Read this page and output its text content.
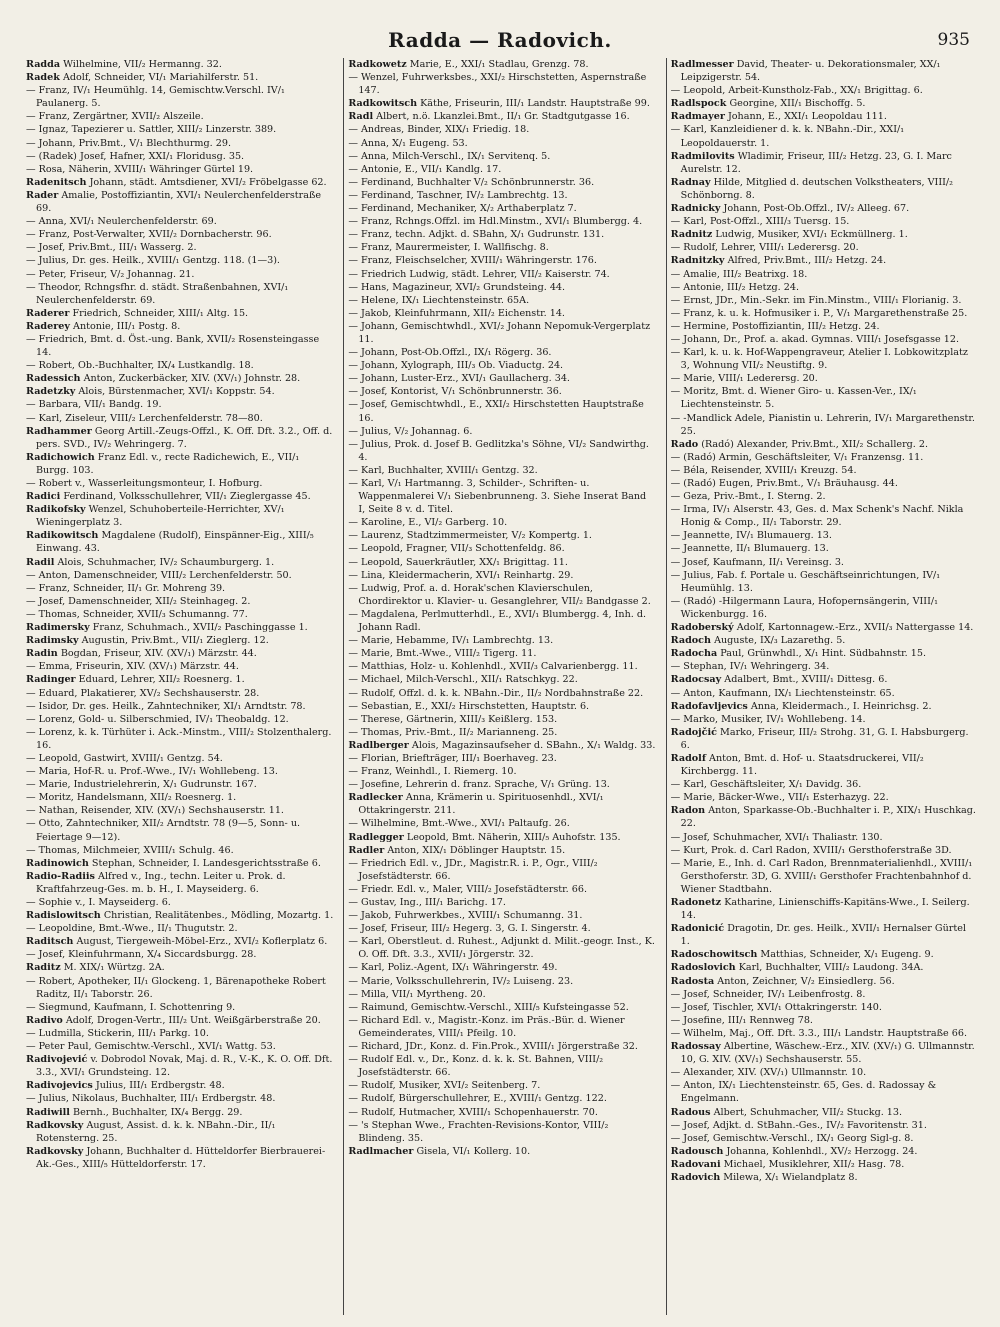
Radda — Radovich.	935

Radda Wilhelmine, VII/₂ Hermanng. 32.

Radek Adolf, Schneider, VI/₁ Mariahilferstr. 51.

— Franz, IV/₁ Heumühlg. 14, Gemischtw.Verschl. IV/₁ Paulanerg. 5.

— Franz, Zergärtner, XVII/₂ Alszeile.

— Ignaz, Tapezierer u. Sattler, XIII/₂ Linzerstr. 389.

— Johann, Priv.Bmt., V/₁ Blechthurmg. 29.

— (Radek) Josef, Hafner, XXI/₁ Floridusg. 35.

— Rosa, Näherin, XVIII/₁ Währinger Gürtel 19.

Radenitsch Johann, städt. Amtsdiener, XVI/₂ Fröbelgasse 62.

Rader Amalie, Postoffiziantin, XVI/₁ Neulerchenfelderstraße 69.

— Anna, XVI/₁ Neulerchenfelderstr. 69.

— Franz, Post-Verwalter, XVII/₂ Dornbacherstr. 96.

— Josef, Priv.Bmt., III/₁ Wasserg. 2.

— Julius, Dr. ges. Heilk., XVIII/₁ Gentzg. 118. (1—3).

— Peter, Friseur, V/₂ Johannag. 21.

— Theodor, Rchngsfhr. d. städt. Straßenbahnen, XVI/₁ Neulerchenfelderstr. 69.

Raderer Friedrich, Schneider, XIII/₁ Altg. 15.

Raderey Antonie, III/₁ Postg. 8.

— Friedrich, Bmt. d. Öst.-ung. Bank, XVII/₂ Rosensteingasse 14.

— Robert, Ob.-Buchhalter, IX/₄ Lustkandlg. 18.

Radessich Anton, Zuckerbäcker, XIV. (XV/₁) Johnstr. 28.

Radetzky Alois, Bürstenmacher, XVI/₁ Koppstr. 54.

— Barbara, VII/₁ Bandg. 19.

— Karl, Ziseleur, VIII/₂ Lerchenfelderstr. 78—80.

Radhammer Georg Artill.-Zeugs-Offzl., K. Off. Dft. 3.2., Off. d. pers. SVD., IV/₂ Wehringerg. 7.

Radichowich Franz Edl. v., recte Radichewich, E., VII/₁ Burgg. 103.

— Robert v., Wasserleitungsmonteur, I. Hofburg.

Radici Ferdinand, Volksschullehrer, VII/₁ Zieglergasse 45.

Radikofsky Wenzel, Schuhoberteile-Herrichter, XV/₁ Wieningerplatz 3.

Radikowitsch Magdalene (Rudolf), Einspänner-Eig., XIII/₅ Einwang. 43.

Radil Alois, Schuhmacher, IV/₂ Schaumburgerg. 1.

— Anton, Damenschneider, VIII/₂ Lerchenfelderstr. 50.

— Franz, Schneider, II/₁ Gr. Mohreng 39.

— Josef, Damenschneider, XII/₂ Steinhageg. 2.

— Thomas, Schneider, XVII/₃ Schumanng. 77.

Radimersky Franz, Schuhmach., XVII/₂ Paschinggasse 1.

Radimsky Augustin, Priv.Bmt., VII/₁ Zieglerg. 12.

Radin Bogdan, Friseur, XIV. (XV/₁) Märzstr. 44.

— Emma, Friseurin, XIV. (XV/₁) Märzstr. 44.

Radinger Eduard, Lehrer, XII/₂ Roesnerg. 1.

— Eduard, Plakatierer, XV/₂ Sechshauserstr. 28.

— Isidor, Dr. ges. Heilk., Zahntechniker, XI/₁ Arndtstr. 78.

— Lorenz, Gold- u. Silberschmied, IV/₁ Theobaldg. 12.

— Lorenz, k. k. Türhüter i. Ack.-Minstm., VIII/₂ Stolzenthalerg. 16.

— Leopold, Gastwirt, XVIII/₁ Gentzg. 54.

— Maria, Hof-R. u. Prof.-Wwe., IV/₁ Wohllebeng. 13.

— Marie, Industrielehrerin, X/₁ Gudrunstr. 167.

— Moritz, Handelsmann, XII/₂ Roesnerg. 1.

— Nathan, Reisender, XIV. (XV/₁) Sechshauserstr. 11.

— Otto, Zahntechniker, XII/₂ Arndtstr. 78 (9—5, Sonn- u. Feiertage 9—12).

— Thomas, Milchmeier, XVIII/₁ Schulg. 46.

Radinowich Stephan, Schneider, I. Landesgerichtsstraße 6.

Radio-Radiis Alfred v., Ing., techn. Leiter u. Prok. d. Kraftfahrzeug-Ges. m. b. H., I. Mayseiderg. 6.

— Sophie v., I. Mayseiderg. 6.

Radislowitsch Christian, Realitätenbes., Mödling, Mozartg. 1.

— Leopoldine, Bmt.-Wwe., II/₁ Thugutstr. 2.

Raditsch August, Tiergeweih-Möbel-Erz., XVI/₂ Koflerplatz 6.

— Josef, Kleinfuhrmann, X/₄ Siccardsburgg. 28.

Raditz M. XIX/₁ Würtzg. 2A.

— Robert, Apotheker, II/₁ Glockeng. 1, Bärenapotheke Robert Raditz, II/₁ Taborstr. 26.

— Siegmund, Kaufmann, I. Schottenring 9.

Radivo Adolf, Drogen-Vertr., III/₂ Unt. Weißgärberstraße 20.

— Ludmilla, Stickerin, III/₁ Parkg. 10.

— Peter Paul, Gemischtw.-Verschl., XVI/₁ Wattg. 53.

Radivojević v. Dobrodol Novak, Maj. d. R., V.-K., K. O. Off. Dft. 3.3., XVI/₁ Grundsteing. 12.

Radivojevics Julius, III/₁ Erdbergstr. 48.

— Julius, Nikolaus, Buchhalter, III/₁ Erdbergstr. 48.

Radiwill Bernh., Buchhalter, IX/₄ Bergg. 29.

Radkovsky August, Assist. d. k. k. NBahn.-Dir., II/₁ Rotensterng. 25.

Radkovsky Johann, Buchhalter d. Hütteldorfer Bierbrauerei-Ak.-Ges., XIII/₅ Hütteldorferstr. 17.

Radkowetz Marie, E., XXI/₁ Stadlau, Grenzg. 78.

— Wenzel, Fuhrwerksbes., XXI/₂ Hirschstetten, Aspernstraße 147.

Radkowitsch Käthe, Friseurin, III/₁ Landstr. Hauptstraße 99.

Radl Albert, n.ö. Lkanzlei.Bmt., II/₁ Gr. Stadtgutgasse 16.

— Andreas, Binder, XIX/₁ Friedig. 18.

— Anna, X/₁ Eugeng. 53.

— Anna, Milch-Verschl., IX/₁ Servitenq. 5.

— Antonie, E., VII/₁ Kandlg. 17.

— Ferdinand, Buchhalter V/₂ Schönbrunnerstr. 36.

— Ferdinand, Taschner, IV/₂ Lambrechtg. 13.

— Ferdinand, Mechaniker, X/₂ Arthaberplatz 7.

— Franz, Rchngs.Offzl. im Hdl.Minstm., XVI/₁ Blumbergg. 4.

— Franz, techn. Adjkt. d. SBahn, X/₁ Gudrunstr. 131.

— Franz, Maurermeister, I. Wallfischg. 8.

— Franz, Fleischselcher, XVIII/₁ Währingerstr. 176.

— Friedrich Ludwig, städt. Lehrer, VII/₂ Kaiserstr. 74.

— Hans, Magazineur, XVI/₂ Grundsteing. 44.

— Helene, IX/₁ Liechtensteinstr. 65A.

— Jakob, Kleinfuhrmann, XII/₂ Eichenstr. 14.

— Johann, Gemischtwhdl., XVI/₂ Johann Nepomuk-Vergerplatz 11.

— Johann, Post-Ob.Offzl., IX/₁ Rögerg. 36.

— Johann, Xylograph, III/₃ Ob. Viaductg. 24.

— Johann, Luster-Erz., XVI/₁ Gaullacherg. 34.

— Josef, Kontorist, V/₁ Schönbrunnerstr. 36.

— Josef, Gemischtwhdl., E., XXI/₂ Hirschstetten Hauptstraße 16.

— Julius, V/₂ Johannag. 6.

— Julius, Prok. d. Josef B. Gedlitzka's Söhne, VI/₂ Sandwirthg. 4.

— Karl, Buchhalter, XVIII/₁ Gentzg. 32.

— Karl, V/₁ Hartmanng. 3, Schilder-, Schriften- u. Wappenmalerei V/₁ Siebenbrunneng. 3. Siehe Inserat Band I, Seite 8 v. d. Titel.

— Karoline, E., VI/₂ Garberg. 10.

— Laurenz, Stadtzimmermeister, V/₂ Kompertg. 1.

— Leopold, Fragner, VII/₃ Schottenfeldg. 86.

— Leopold, Sauerkräutler, XX/₁ Brigittag. 11.

— Lina, Kleidermacherin, XVI/₁ Reinhartg. 29.

— Ludwig, Prof. a. d. Horak'schen Klavierschulen, Chordirektor u. Klavier- u. Gesanglehrer, VII/₂ Bandgasse 2.

— Magdalena, Perlmutterhdl., E., XVI/₁ Blumbergg. 4, Inh. d. Johann Radl.

— Marie, Hebamme, IV/₁ Lambrechtg. 13.

— Marie, Bmt.-Wwe., VIII/₂ Tigerg. 11.

— Matthias, Holz- u. Kohlenhdl., XVII/₃ Calvarienbergg. 11.

— Michael, Milch-Verschl., XII/₁ Ratschkyg. 22.

— Rudolf, Offzl. d. k. k. NBahn.-Dir., II/₂ Nordbahnstraße 22.

— Sebastian, E., XXI/₂ Hirschstetten, Hauptstr. 6.

— Therese, Gärtnerin, XIII/₃ Keißlerg. 153.

— Thomas, Priv.-Bmt., II/₂ Marianneng. 25.

Radlberger Alois, Magazinsaufseher d. SBahn., X/₁ Waldg. 33.

— Florian, Briefträger, III/₁ Boerhaveg. 23.

— Franz, Weinhdl., I. Riemerg. 10.

— Josefine, Lehrerin d. franz. Sprache, V/₁ Grüng. 13.

Radlecker Anna, Krämerin u. Spirituosenhdl., XVI/₁ Ottakringerstr. 211.

— Wilhelmine, Bmt.-Wwe., XVI/₁ Paltaufg. 26.

Radlegger Leopold, Bmt. Näherin, XIII/₅ Auhofstr. 135.

Radler Anton, XIX/₁ Döblinger Hauptstr. 15.

— Friedrich Edl. v., JDr., Magistr.R. i. P., Ogr., VIII/₂ Josefstädterstr. 66.

— Friedr. Edl. v., Maler, VIII/₂ Josefstädterstr. 66.

— Gustav, Ing., III/₁ Barichg. 17.

— Jakob, Fuhrwerkbes., XVIII/₁ Schumanng. 31.

— Josef, Friseur, III/₂ Hegerg. 3, G. I. Singerstr. 4.

— Karl, Oberstleut. d. Ruhest., Adjunkt d. Milit.-geogr. Inst., K. O. Off. Dft. 3.3., XVII/₁ Jörgerstr. 32.

— Karl, Poliz.-Agent, IX/₁ Währingerstr. 49.

— Marie, Volksschullehrerin, IV/₂ Luiseng. 23.

— Milla, VII/₁ Myrtheng. 20.

— Raimund, Gemischtw.-Verschl., XIII/₅ Kufsteingasse 52.

— Richard Edl. v., Magistr.-Konz. im Präs.-Bür. d. Wiener Gemeinderates, VIII/₁ Pfeilg. 10.

— Richard, JDr., Konz. d. Fin.Prok., XVIII/₁ Jörgerstraße 32.

— Rudolf Edl. v., Dr., Konz. d. k. k. St. Bahnen, VIII/₂ Josefstädterstr. 66.

— Rudolf, Musiker, XVI/₂ Seitenberg. 7.

— Rudolf, Bürgerschullehrer, E., XVIII/₁ Gentzg. 122.

— Rudolf, Hutmacher, XVIII/₁ Schopenhauerstr. 70.

— 's Stephan Wwe., Frachten-Revisions-Kontor, VIII/₂ Blindeng. 35.

Radlmacher Gisela, VI/₁ Kollerg. 10.

Radlmesser David, Theater- u. Dekorationsmaler, XX/₁ Leipzigerstr. 54.

— Leopold, Arbeit-Kunstholz-Fab., XX/₁ Brigittag. 6.

Radlspock Georgine, XII/₁ Bischoffg. 5.

Radmayer Johann, E., XXI/₁ Leopoldau 111.

— Karl, Kanzleidiener d. k. k. NBahn.-Dir., XXI/₁ Leopoldauerstr. 1.

Radmilovits Wladimir, Friseur, III/₂ Hetzg. 23, G. I. Marc Aurelstr. 12.

Radnay Hilde, Mitglied d. deutschen Volkstheaters, VIII/₂ Schönborng. 8.

Radnicky Johann, Post-Ob.Offzl., IV/₂ Alleeg. 67.

— Karl, Post-Offzl., XIII/₃ Tuersg. 15.

Radnitz Ludwig, Musiker, XVI/₁ Eckmüllnerg. 1.

— Rudolf, Lehrer, VIII/₁ Lederersg. 20.

Radnitzky Alfred, Priv.Bmt., III/₂ Hetzg. 24.

— Amalie, III/₂ Beatrixg. 18.

— Antonie, III/₂ Hetzg. 24.

— Ernst, JDr., Min.-Sekr. im Fin.Minstm., VIII/₁ Florianig. 3.

— Franz, k. u. k. Hofmusiker i. P., V/₁ Margarethenstraße 25.

— Hermine, Postoffiziantin, III/₂ Hetzg. 24.

— Johann, Dr., Prof. a. akad. Gymnas. VIII/₁ Josefsgasse 12.

— Karl, k. u. k. Hof-Wappengraveur, Atelier I. Lobkowitzplatz 3, Wohnung VII/₂ Neustiftg. 9.

— Marie, VIII/₁ Lederersg. 20.

— Moritz, Bmt. d. Wiener Giro- u. Kassen-Ver., IX/₁ Liechtensteinstr. 5.

— -Mandlick Adele, Pianistin u. Lehrerin, IV/₁ Margarethenstr. 25.

Rado (Radó) Alexander, Priv.Bmt., XII/₂ Schallerg. 2.

— (Radó) Armin, Geschäftsleiter, V/₁ Franzensg. 11.

— Béla, Reisender, XVIII/₁ Kreuzg. 54.

— (Radó) Eugen, Priv.Bmt., V/₁ Bräuhausg. 44.

— Geza, Priv.-Bmt., I. Sterng. 2.

— Irma, IV/₁ Alserstr. 43, Ges. d. Max Schenk's Nachf. Nikla Honig & Comp., II/₁ Taborstr. 29.

— Jeannette, IV/₁ Blumauerg. 13.

— Jeannette, II/₁ Blumauerg. 13.

— Josef, Kaufmann, II/₁ Vereinsg. 3.

— Julius, Fab. f. Portale u. Geschäftseinrichtungen, IV/₁ Heumühlg. 13.

— (Radó) -Hilgermann Laura, Hofopernsängerin, VIII/₁ Wickenburgg. 16.

Radoberský Adolf, Kartonnagew.-Erz., XVII/₃ Nattergasse 14.

Radoch Auguste, IX/₃ Lazarethg. 5.

Radocha Paul, Grünwhdl., X/₁ Hint. Südbahnstr. 15.

— Stephan, IV/₁ Wehringerg. 34.

Radocsay Adalbert, Bmt., XVIII/₁ Dittesg. 6.

— Anton, Kaufmann, IX/₁ Liechtensteinstr. 65.

Radofavljevics Anna, Kleidermach., I. Heinrichsg. 2.

— Marko, Musiker, IV/₁ Wohllebeng. 14.

Radojčić Marko, Friseur, III/₂ Strohg. 31, G. I. Habsburgerg. 6.

Radolf Anton, Bmt. d. Hof- u. Staatsdruckerei, VII/₂ Kirchbergg. 11.

— Karl, Geschäftsleiter, X/₁ Davidg. 36.

— Marie, Bäcker-Wwe., VII/₁ Esterhazyg. 22.

Radon Anton, Sparkasse-Ob.-Buchhalter i. P., XIX/₁ Huschkag. 22.

— Josef, Schuhmacher, XVI/₁ Thaliastr. 130.

— Kurt, Prok. d. Carl Radon, XVIII/₁ Gersthoferstraße 3D.

— Marie, E., Inh. d. Carl Radon, Brennmaterialienhdl., XVIII/₁ Gersthoferstr. 3D, G. XVIII/₁ Gersthofer Frachtenbahnhof d. Wiener Stadtbahn.

Radonetz Katharine, Linienschiffs-Kapitäns-Wwe., I. Seilerg. 14.

Radonicić Dragotin, Dr. ges. Heilk., XVII/₁ Hernalser Gürtel 1.

Radoschowitsch Matthias, Schneider, X/₁ Eugeng. 9.

Radoslovich Karl, Buchhalter, VIII/₂ Laudong. 34A.

Radosta Anton, Zeichner, V/₂ Einsiedlerg. 56.

— Josef, Schneider, IV/₁ Leibenfrostg. 8.

— Josef, Tischler, XVI/₁ Ottakringerstr. 140.

— Josefine, III/₁ Rennweg 78.

— Wilhelm, Maj., Off. Dft. 3.3., III/₁ Landstr. Hauptstraße 66.

Radossay Albertine, Wäschew.-Erz., XIV. (XV/₁) G. Ullmannstr. 10, G. XIV. (XV/₁) Sechshauserstr. 55.

— Alexander, XIV. (XV/₁) Ullmannstr. 10.

— Anton, IX/₁ Liechtensteinstr. 65, Ges. d. Radossay & Engelmann.

Radous Albert, Schuhmacher, VII/₂ Stuckg. 13.

— Josef, Adjkt. d. StBahn.-Ges., IV/₂ Favoritenstr. 31.

— Josef, Gemischtw.-Verschl., IX/₁ Georg Sigl-g. 8.

Radousch Johanna, Kohlenhdl., XV/₂ Herzogg. 24.

Radovani Michael, Musiklehrer, XII/₂ Hasg. 78.

Radovich Milewa, X/₁ Wielandplatz 8.
